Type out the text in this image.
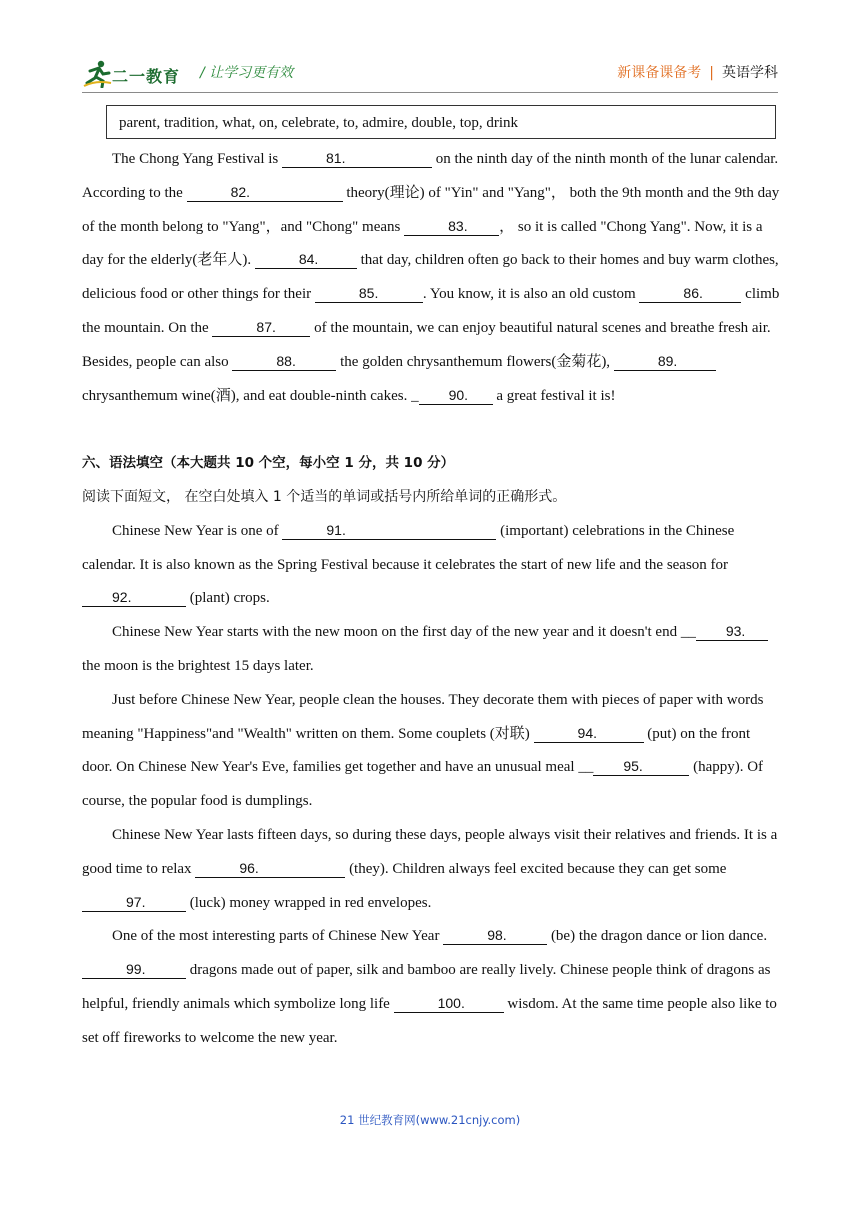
二一教育 / 让学习更有效	新课备课备考 | 英语学科
parent, tradition, what, on, celebrate, to, admire, double, top, drink

The Chong Yang Festival is	81.	on the ninth day of the ninth month of the lunar calendar. According to the	82.	theory(理论) of "Yin" and "Yang"， both the 9th month and the 9th day of the month belong to "Yang"，and "Chong" means	83. ， so it is called "Chong Yang". Now, it is a day for the elderly(老年人).	84.	that day, children often go back to their homes and buy warm clothes, delicious food or other things for their	85.	. You know, it is also an old custom	86.	climb the mountain. On the	87. of the mountain, we can enjoy beautiful natural scenes and breathe fresh air. Besides, people can also	88.	the golden chrysanthemum flowers(金菊花),	89. chrysanthemum wine(酒), and eat double-ninth cakes. _ 90. a great festival it is!

六、语法填空（本大题共 10 个空，每小空 1 分，共 10 分）

阅读下面短文， 在空白处填入 1 个适当的单词或括号内所给单词的正确形式。

Chinese New Year is one of	91.	(important) celebrations in the Chinese calendar. It is also known as the Spring Festival because it celebrates the start of new life and the season for 92.	(plant) crops.

Chinese New Year starts with the new moon on the first day of the new year and it doesn't end __ 93. the moon is the brightest 15 days later.

Just before Chinese New Year, people clean the houses. They decorate them with pieces of paper with words meaning "Happiness"and "Wealth" written on them. Some couplets (对联)	94.	(put) on the front door. On Chinese New Year's Eve, families get together and have an unusual meal __ 95.	(happy). Of course, the popular food is dumplings.

Chinese New Year lasts fifteen days, so during these days, people always visit their relatives and friends. It is a good time to relax	96.	(they). Children always feel excited because they can get some 97.	(luck) money wrapped in red envelopes.

One of the most interesting parts of Chinese New Year	98.	(be) the dragon dance or lion dance.99.	dragons made out of paper, silk and bamboo are really lively. Chinese people think of dragons as helpful, friendly animals which symbolize long life	100.	wisdom. At the same time people also like to set off fireworks to welcome the new year.

21 世纪教育网(www.21cnjy.com)
